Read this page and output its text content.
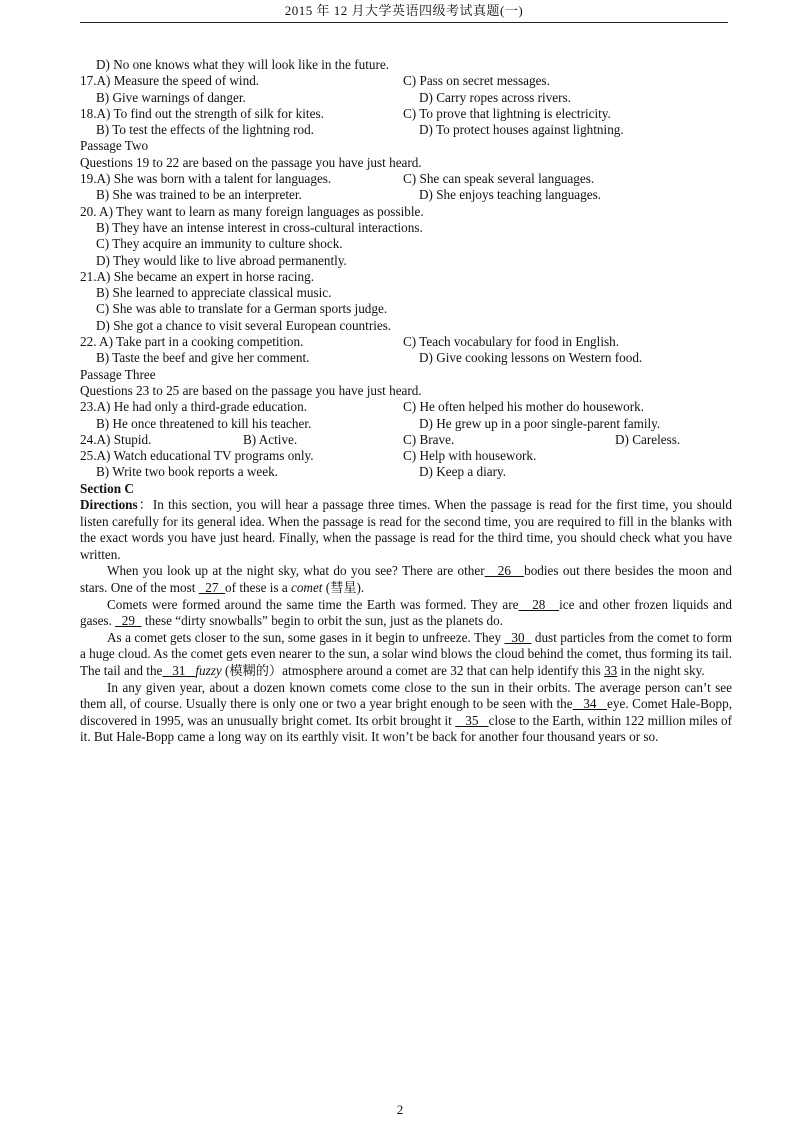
2015 年 12 月大学英语四级考试真题(一)
D) No one knows what they will look like in the future.
17.A) Measure the speed of wind.	C) Pass on secret messages.
B) Give warnings of danger.	D) Carry ropes across rivers.
18.A) To find out the strength of silk for kites.	C) To prove that lightning is electricity.
B) To test the effects of the lightning rod.	D) To protect houses against lightning.
Passage Two
Questions 19 to 22 are based on the passage you have just heard.
19.A) She was born with a talent for languages.	C) She can speak several languages.
B) She was trained to be an interpreter.	D) She enjoys teaching languages.
20. A) They want to learn as many foreign languages as possible.
B) They have an intense interest in cross-cultural interactions.
C) They acquire an immunity to culture shock.
D) They would like to live abroad permanently.
21.A) She became an expert in horse racing.
B) She learned to appreciate classical music.
C) She was able to translate for a German sports judge.
D) She got a chance to visit several European countries.
22. A) Take part in a cooking competition.	C) Teach vocabulary for food in English.
B) Taste the beef and give her comment.	D) Give cooking lessons on Western food.
Passage Three
Questions 23 to 25 are based on the passage you have just heard.
23.A) He had only a third-grade education.	C) He often helped his mother do housework.
B) He once threatened to kill his teacher.	D) He grew up in a poor single-parent family.
24.A) Stupid.	B) Active.	C) Brave.	D) Careless.
25.A) Watch educational TV programs only.	C) Help with housework.
B) Write two book reports a week.	D) Keep a diary.
Section C

Directions：In this section, you will hear a passage three times. When the passage is read for the first time, you should listen carefully for its general idea. When the passage is read for the second time, you are required to fill in the blanks with the exact words you have just heard. Finally, when the passage is read for the third time, you should check what you have written.

When you look up at the night sky, what do you see? There are other   26   bodies out there besides the moon and stars. One of the most   27  of these is a comet (彗星).

Comets were formed around the same time the Earth was formed. They are   28   ice and other frozen liquids and gases.   29   these “dirty snowballs” begin to orbit the sun, just as the planets do.

As a comet gets closer to the sun, some gases in it begin to unfreeze. They   30   dust particles from the comet to form a huge cloud. As the comet gets even nearer to the sun, a solar wind blows the cloud behind the comet, thus forming its tail. The tail and the   31   fuzzy (模糊的）atmosphere around a comet are 32 that can help identify this 33 in the night sky.

In any given year, about a dozen known comets come close to the sun in their orbits. The average person can’t see them all, of course. Usually there is only one or two a year bright enough to be seen with the   34   eye. Comet Hale-Bopp, discovered in 1995, was an unusually bright comet. Its orbit brought it    35   close to the Earth, within 122 million miles of it. But Hale-Bopp came a long way on its earthly visit. It won’t be back for another four thousand years or so.

2
